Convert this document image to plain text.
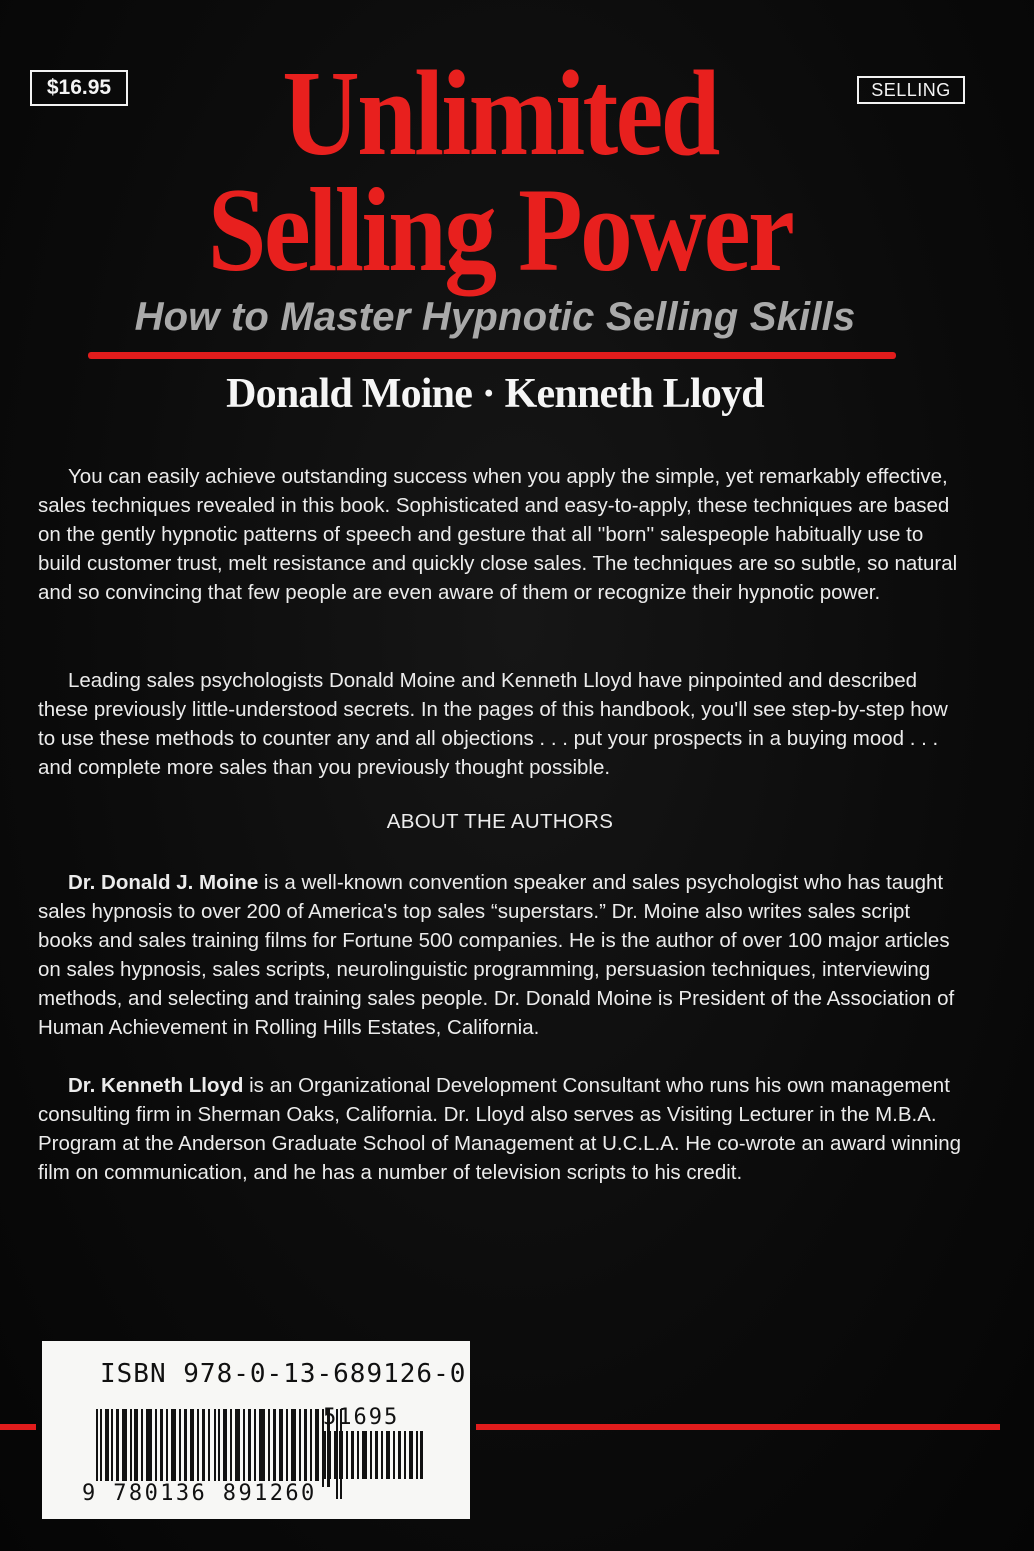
$16.95	SELLING
Unlimited
Selling Power
How to Master Hypnotic Selling Skills
Donald Moine · Kenneth Lloyd

You can easily achieve outstanding success when you apply the simple, yet remarkably effective, sales techniques revealed in this book. Sophisticated and easy-to-apply, these techniques are based on the gently hypnotic patterns of speech and gesture that all ''born'' salespeople habitually use to build customer trust, melt resistance and quickly close sales. The techniques are so subtle, so natural and so convincing that few people are even aware of them or recognize their hypnotic power.

Leading sales psychologists Donald Moine and Kenneth Lloyd have pinpointed and described these previously little-understood secrets. In the pages of this handbook, you'll see step-by-step how to use these methods to counter any and all objections . . . put your prospects in a buying mood . . . and complete more sales than you previously thought possible.

ABOUT THE AUTHORS

Dr. Donald J. Moine is a well-known convention speaker and sales psychologist who has taught sales hypnosis to over 200 of America's top sales “superstars.” Dr. Moine also writes sales script books and sales training films for Fortune 500 companies. He is the author of over 100 major articles on sales hypnosis, sales scripts, neurolinguistic programming, persuasion techniques, interviewing methods, and selecting and training sales people. Dr. Donald Moine is President of the Association of Human Achievement in Rolling Hills Estates, California.

Dr. Kenneth Lloyd is an Organizational Development Consultant who runs his own management consulting firm in Sherman Oaks, California. Dr. Lloyd also serves as Visiting Lecturer in the M.B.A. Program at the Anderson Graduate School of Management at U.C.L.A. He co-wrote an award winning film on communication, and he has a number of television scripts to his credit.

ISBN 978-0-13-689126-0
51695
9 780136 891260
